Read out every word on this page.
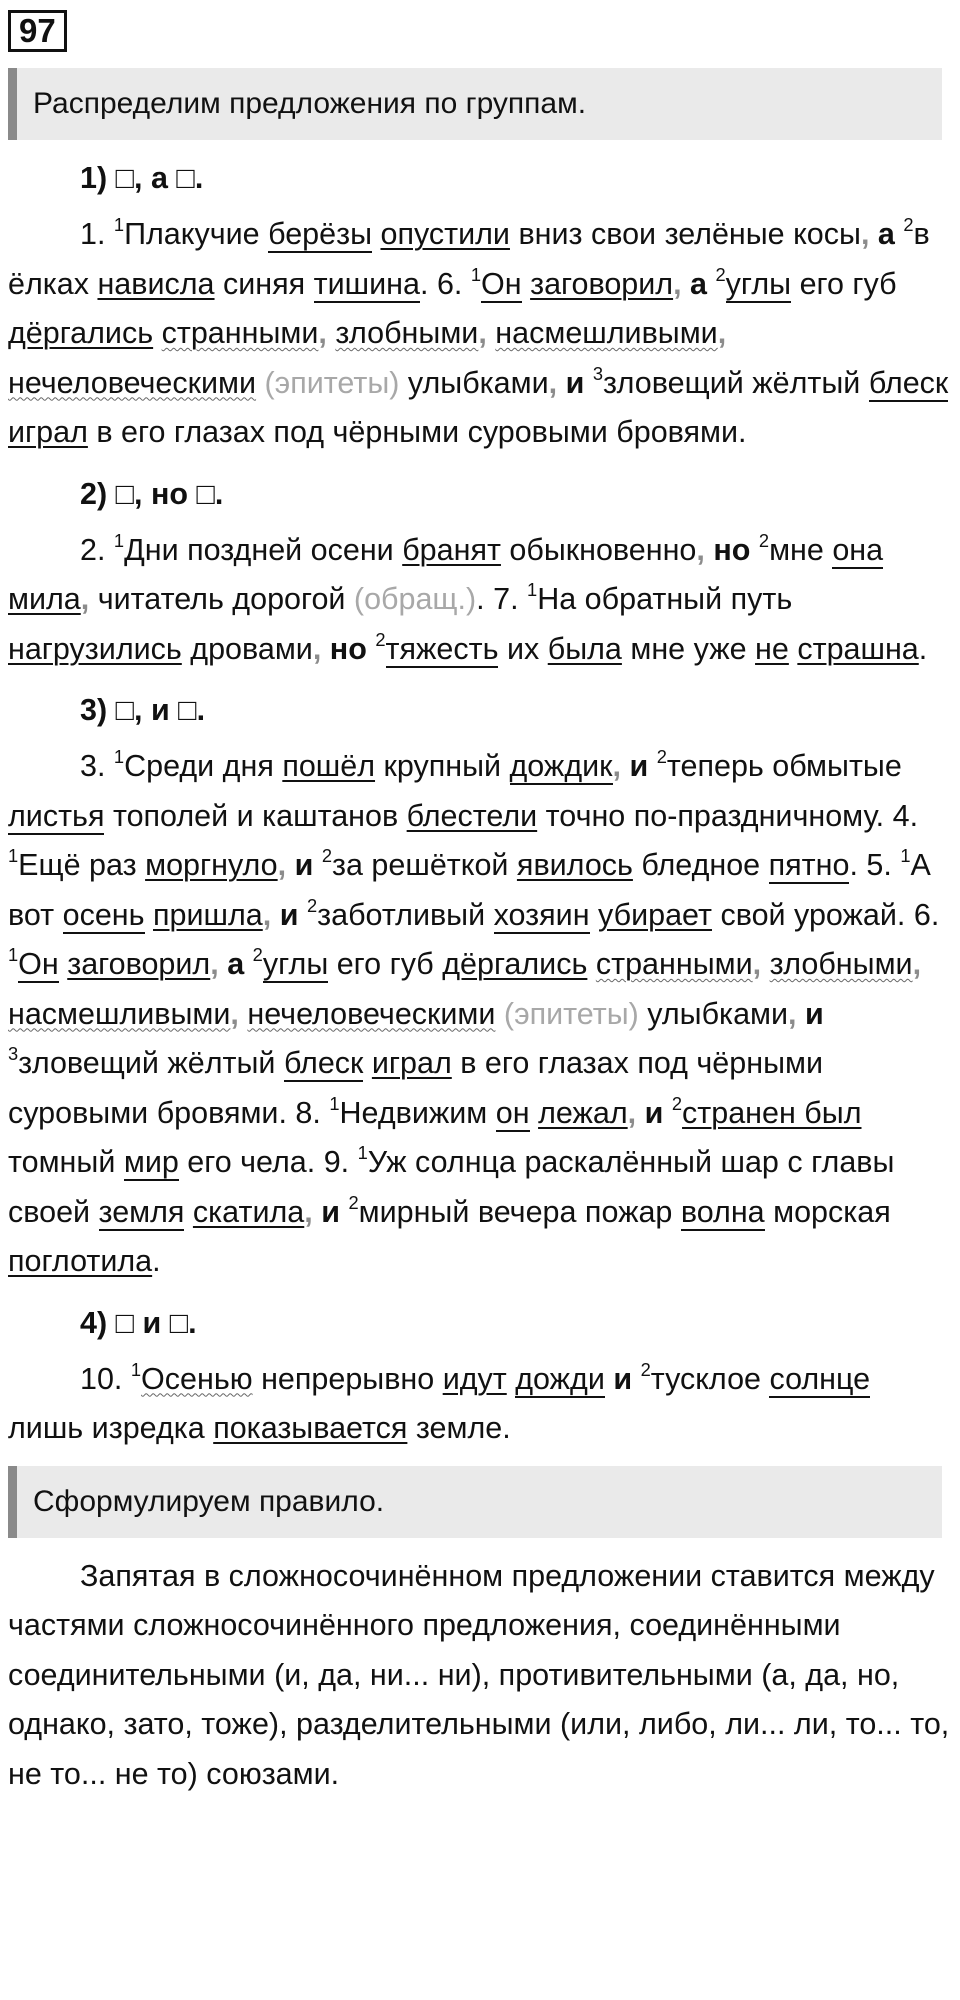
97
Распределим предложения по группам.

1) □, а □.

1. $^1$Плакучие берёзы опустили вниз свои зелёные косы, а $^2$в ёлках нависла синяя тишина. 6. $^1$Он заговорил, а $^2$углы его губ дёргались странными, злобными, насмешливыми, нечеловеческими (эпитеты) улыбками, и $^3$зловещий жёлтый блеск играл в его глазах под чёрными суровыми бровями.

2) □, но □.

2. $^1$Дни поздней осени бранят обыкновенно, но $^2$мне она мила, читатель дорогой (обращ.). 7. $^1$На обратный путь нагрузились дровами, но $^2$тяжесть их была мне уже не страшна.

3) □, и □.

3. $^1$Среди дня пошёл крупный дождик, и $^2$теперь обмытые листья тополей и каштанов блестели точно по-праздничному. 4. $^1$Ещё раз моргнуло, и $^2$за решёткой явилось бледное пятно. 5. $^1$А вот осень пришла, и $^2$заботливый хозяин убирает свой урожай. 6. $^1$Он заговорил, а $^2$углы его губ дёргались странными, злобными, насмешливыми, нечеловеческими (эпитеты) улыбками, и $^3$зловещий жёлтый блеск играл в его глазах под чёрными суровыми бровями. 8. $^1$Недвижим он лежал, и $^2$странен был томный мир его чела. 9. $^1$Уж солнца раскалённый шар с главы своей земля скатила, и $^2$мирный вечера пожар волна морская поглотила.

4) □ и □.

10. $^1$Осенью непрерывно идут дожди и $^2$тусклое солнце лишь изредка показывается земле.

Сформулируем правило.

Запятая в сложносочинённом предложении ставится между частями сложносочинённого предложения, соединёнными соединительными (и, да, ни... ни), противительными (а, да, но, однако, зато, тоже), разделительными (или, либо, ли... ли, то... то, не то... не то) союзами.
